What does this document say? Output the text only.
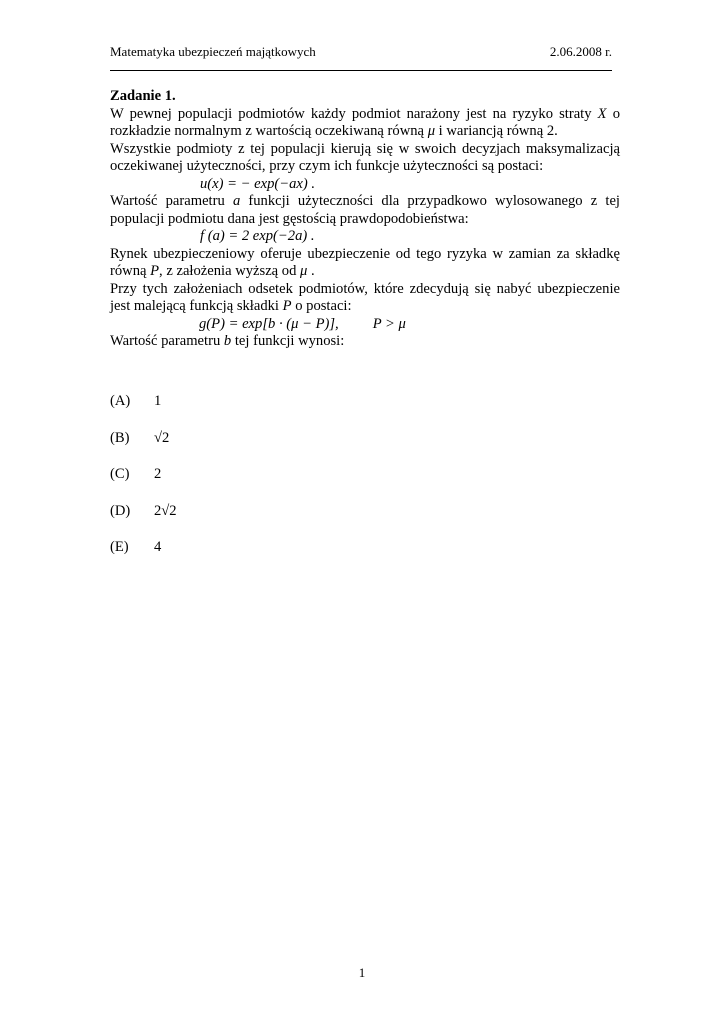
Matematyka ubezpieczeń majątkowych	2.06.2008 r.

Zadanie 1.

W pewnej populacji podmiotów każdy podmiot narażony jest na ryzyko straty X o rozkładzie normalnym z wartością oczekiwaną równą μ i wariancją równą 2.

Wszystkie podmioty z tej populacji kierują się w swoich decyzjach maksymalizacją oczekiwanej użyteczności, przy czym ich funkcje użyteczności są postaci:

u(x) = − exp(−ax) .

Wartość parametru a funkcji użyteczności dla przypadkowo wylosowanego z tej populacji podmiotu dana jest gęstością prawdopodobieństwa:

f (a) = 2 exp(−2a) .

Rynek ubezpieczeniowy oferuje ubezpieczenie od tego ryzyka w zamian za składkę równą P, z założenia wyższą od μ .

Przy tych założeniach odsetek podmiotów, które zdecydują się nabyć ubezpieczenie jest malejącą funkcją składki P o postaci:

g(P) = exp[b · (μ − P)], P > μ

Wartość parametru b tej funkcji wynosi:

(A) 1
(B) √2
(C) 2
(D) 2√2
(E) 4
1
